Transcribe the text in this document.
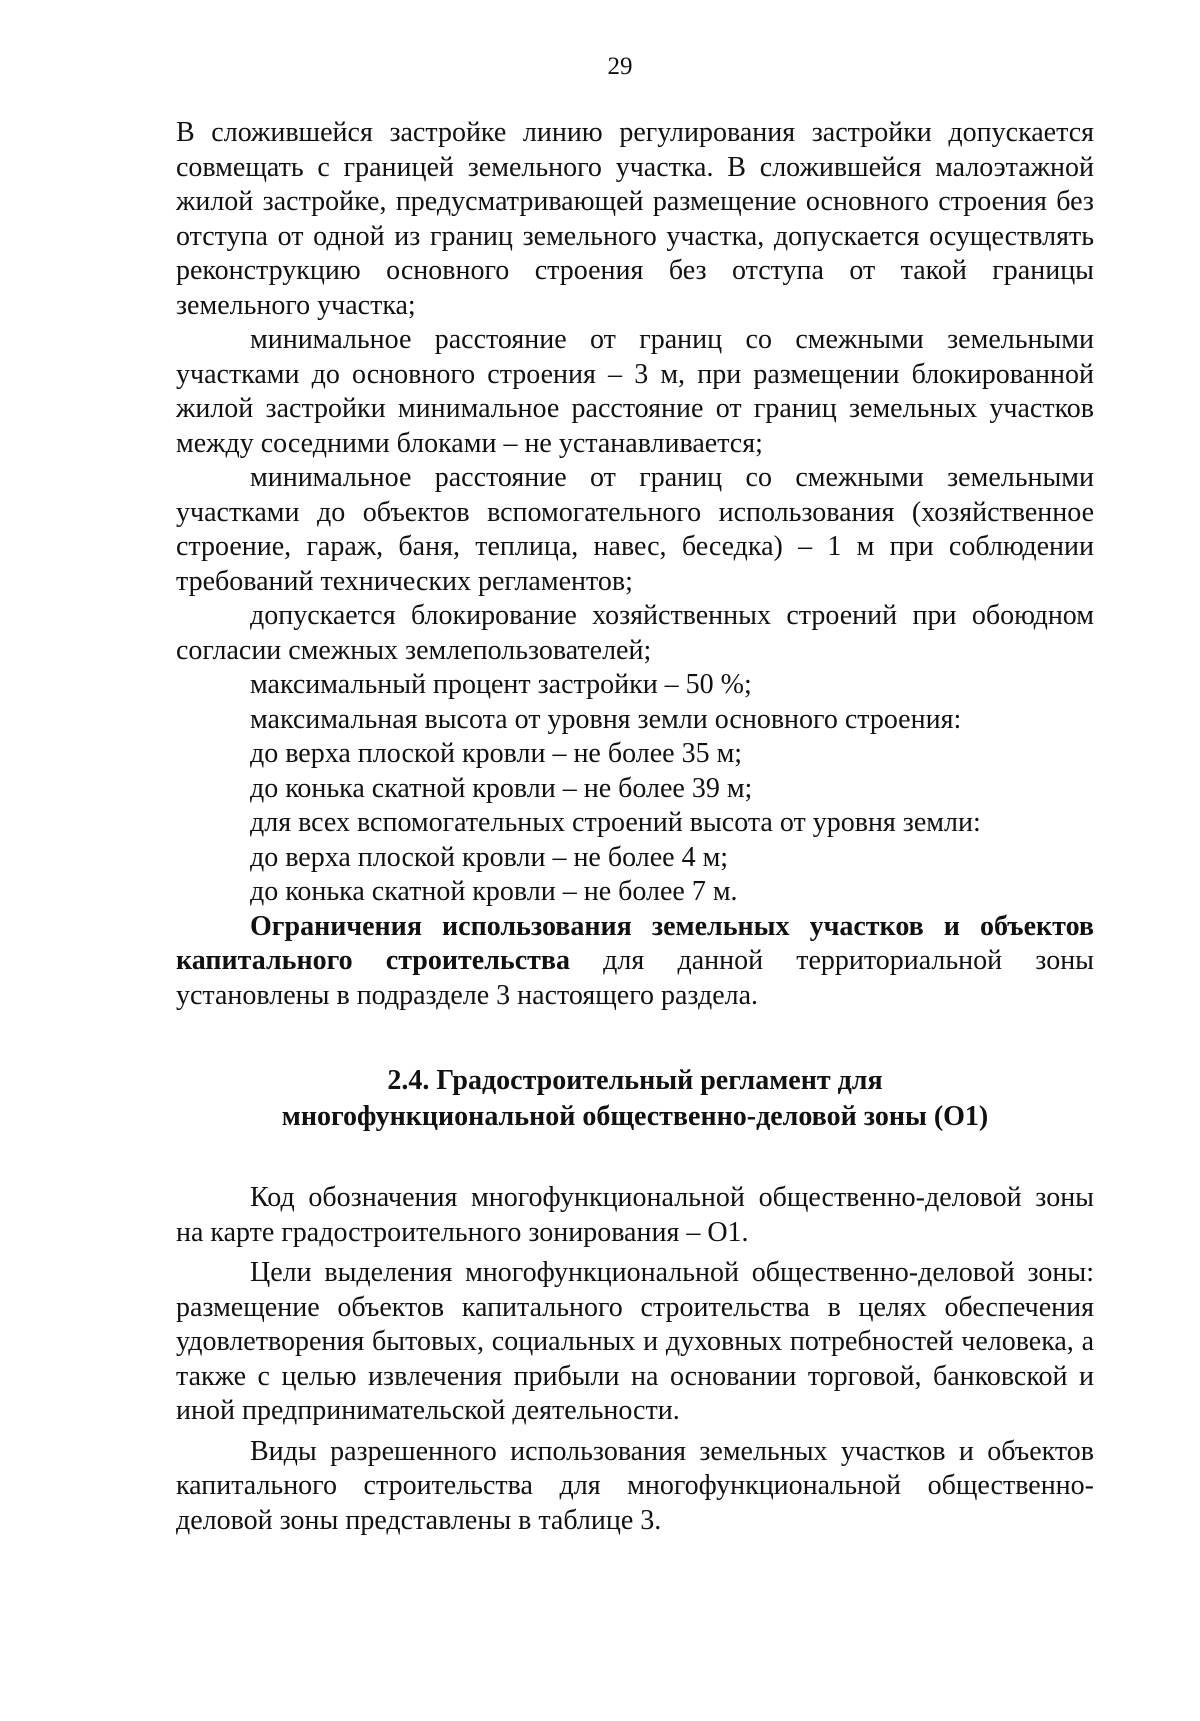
29

В сложившейся застройке линию регулирования застройки допускается совмещать с границей земельного участка. В сложившейся малоэтажной жилой застройке, предусматривающей размещение основного строения без отступа от одной из границ земельного участка, допускается осуществлять реконструкцию основного строения без отступа от такой границы земельного участка;

минимальное расстояние от границ со смежными земельными участками до основного строения – 3 м, при размещении блокированной жилой застройки минимальное расстояние от границ земельных участков между соседними блоками – не устанавливается;

минимальное расстояние от границ со смежными земельными участками до объектов вспомогательного использования (хозяйственное строение, гараж, баня, теплица, навес, беседка) – 1 м при соблюдении требований технических регламентов;

допускается блокирование хозяйственных строений при обоюдном согласии смежных землепользователей;

максимальный процент застройки – 50 %;

максимальная высота от уровня земли основного строения:

до верха плоской кровли – не более 35 м;

до конька скатной кровли – не более 39 м;

для всех вспомогательных строений высота от уровня земли:

до верха плоской кровли – не более 4 м;

до конька скатной кровли – не более 7 м.

Ограничения использования земельных участков и объектов капитального строительства для данной территориальной зоны установлены в подразделе 3 настоящего раздела.

2.4. Градостроительный регламент для
многофункциональной общественно-деловой зоны (О1)

Код обозначения многофункциональной общественно-деловой зоны на карте градостроительного зонирования – О1.

Цели выделения многофункциональной общественно-деловой зоны: размещение объектов капитального строительства в целях обеспечения удовлетворения бытовых, социальных и духовных потребностей человека, а также с целью извлечения прибыли на основании торговой, банковской и иной предпринимательской деятельности.

Виды разрешенного использования земельных участков и объектов капитального строительства для многофункциональной общественно-деловой зоны представлены в таблице 3.
